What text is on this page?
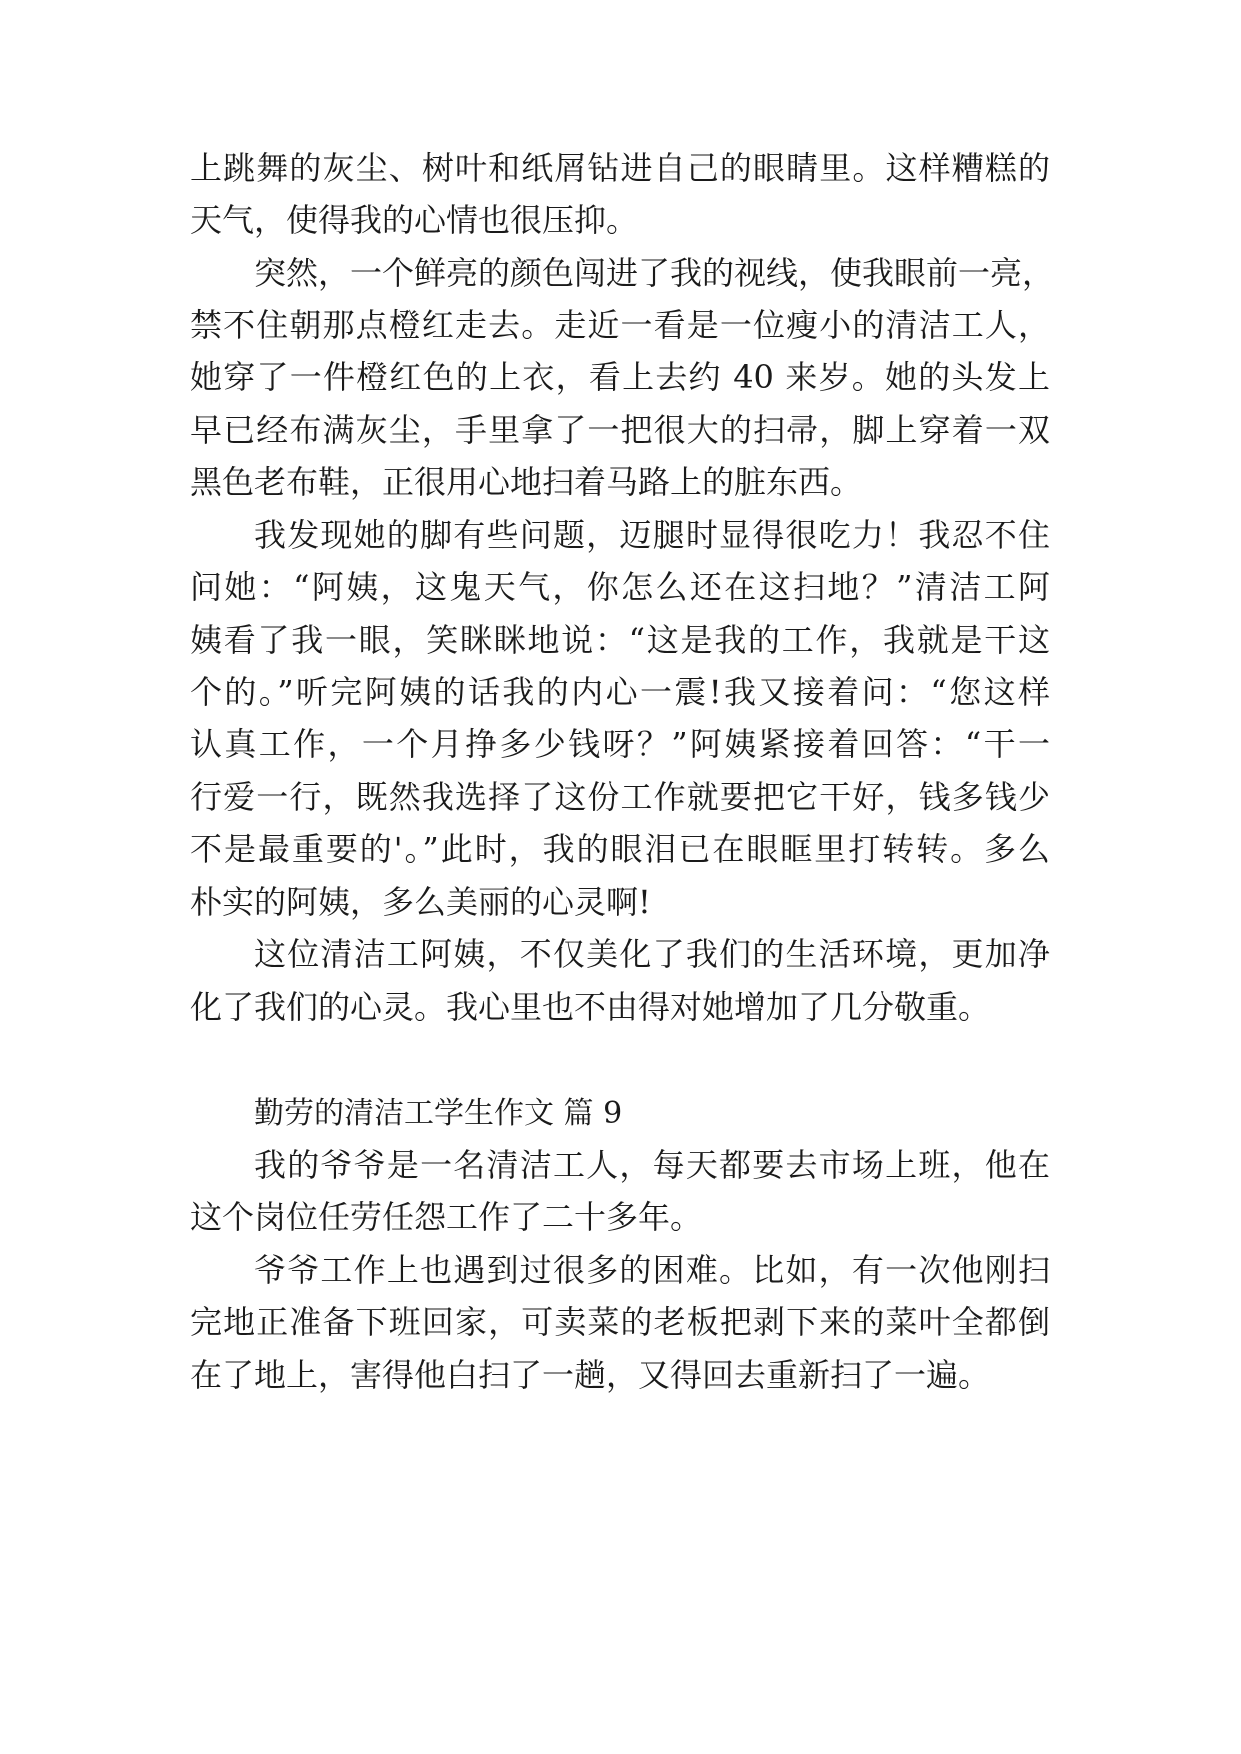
上跳舞的灰尘、树叶和纸屑钻进自己的眼睛里。这样糟糕的
天气，使得我的心情也很压抑。
突然，一个鲜亮的颜色闯进了我的视线，使我眼前一亮，
禁不住朝那点橙红走去。走近一看是一位瘦小的清洁工人，
她穿了一件橙红色的上衣，看上去约 40 来岁。她的头发上
早已经布满灰尘，手里拿了一把很大的扫帚，脚上穿着一双
黑色老布鞋，正很用心地扫着马路上的脏东西。
我发现她的脚有些问题，迈腿时显得很吃力！我忍不住
问她：“阿姨，这鬼天气，你怎么还在这扫地？”清洁工阿
姨看了我一眼，笑眯眯地说：“这是我的工作，我就是干这
个的。”听完阿姨的话我的内心一震!我又接着问：“您这样
认真工作，一个月挣多少钱呀？”阿姨紧接着回答：“干一
行爱一行，既然我选择了这份工作就要把它干好，钱多钱少
不是最重要的'。”此时，我的眼泪已在眼眶里打转转。多么
朴实的阿姨，多么美丽的心灵啊!
这位清洁工阿姨，不仅美化了我们的生活环境，更加净
化了我们的心灵。我心里也不由得对她增加了几分敬重。
勤劳的清洁工学生作文 篇 9
我的爷爷是一名清洁工人，每天都要去市场上班，他在
这个岗位任劳任怨工作了二十多年。
爷爷工作上也遇到过很多的困难。比如，有一次他刚扫
完地正准备下班回家，可卖菜的老板把剥下来的菜叶全都倒
在了地上，害得他白扫了一趟，又得回去重新扫了一遍。
